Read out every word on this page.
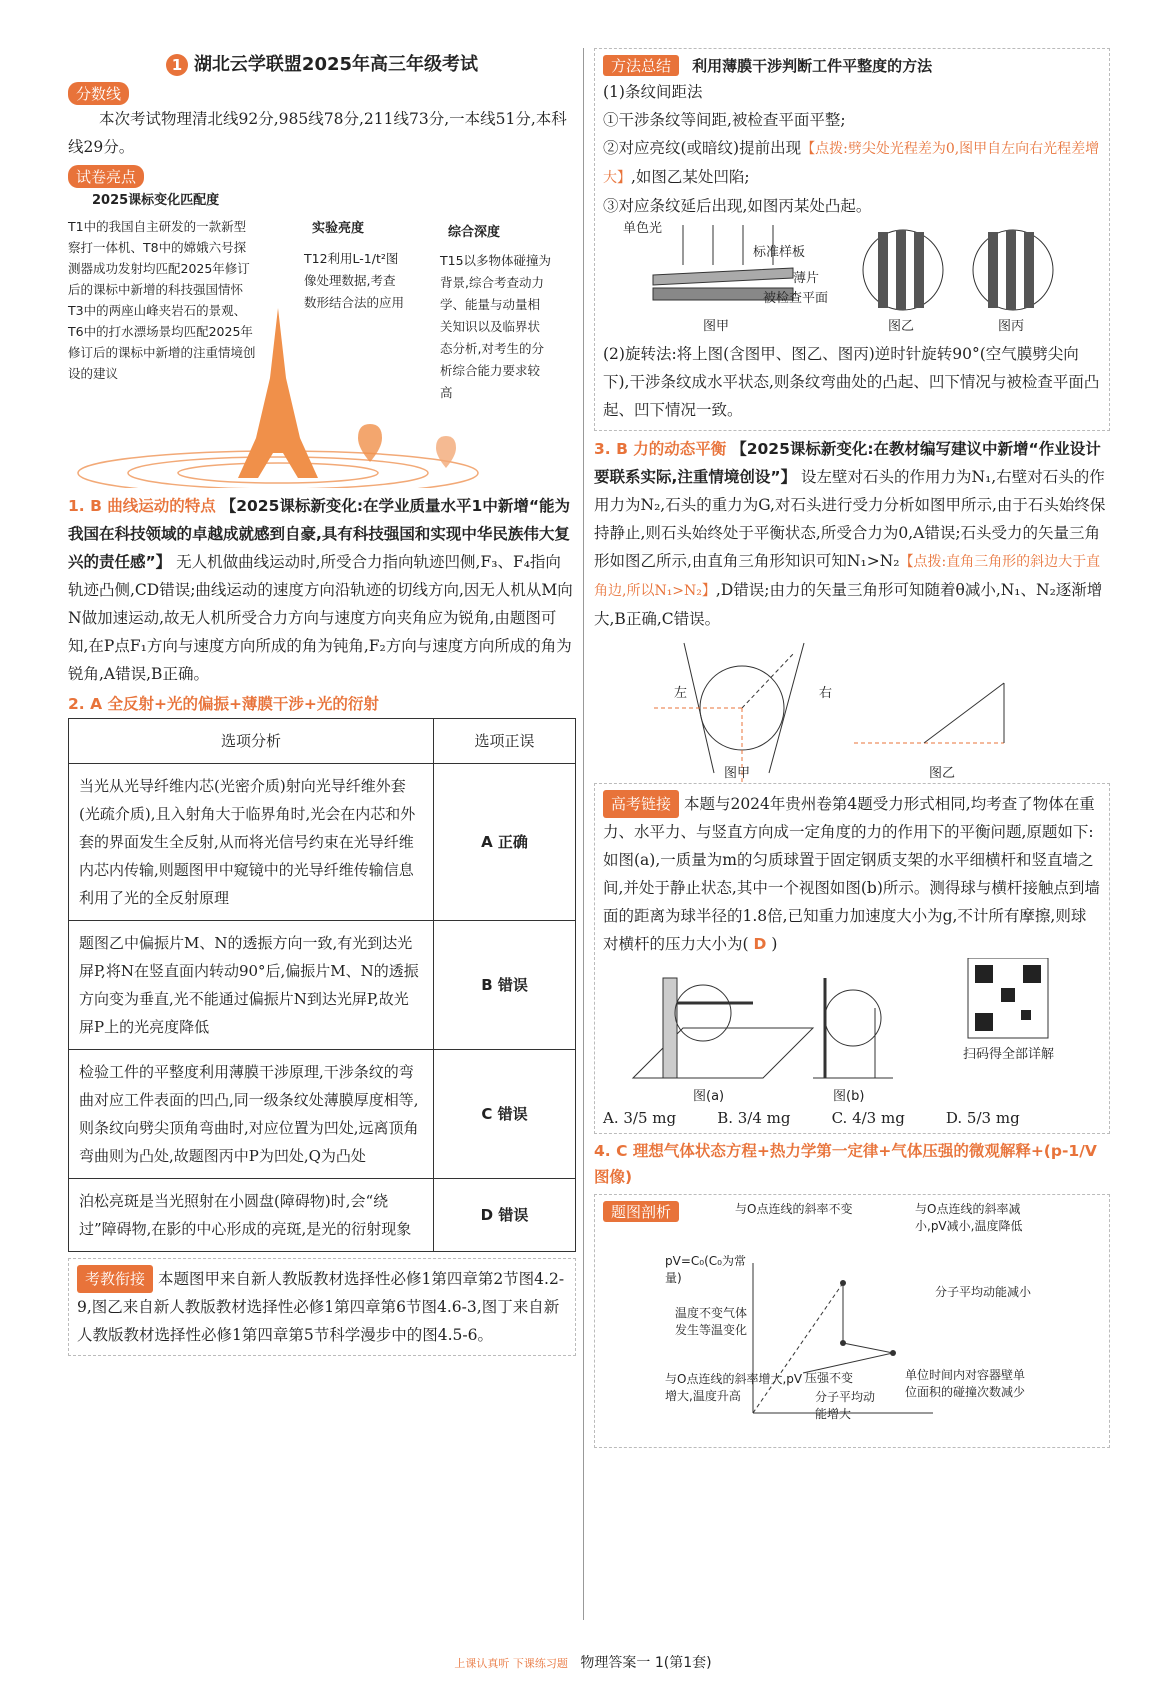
1 湖北云学联盟2025年高三年级考试
分数线

本次考试物理清北线92分,985线78分,211线73分,一本线51分,本科线29分。

试卷亮点
2025课标变化匹配度
T1中的我国自主研发的一款新型察打一体机、T8中的嫦娥六号探测器成功发射均匹配2025年修订后的课标中新增的科技强国情怀
T3中的两座山峰夹岩石的景观、T6中的打水漂场景均匹配2025年修订后的课标中新增的注重情境创设的建议
实验亮度
T12利用L-1/t²图像处理数据,考查数形结合法的应用
综合深度
T15以多物体碰撞为背景,综合考查动力学、能量与动量相关知识以及临界状态分析,对考生的分析综合能力要求较高
1. B 曲线运动的特点 【2025课标新变化:在学业质量水平1中新增“能为我国在科技领域的卓越成就感到自豪,具有科技强国和实现中华民族伟大复兴的责任感”】 无人机做曲线运动时,所受合力指向轨迹凹侧,F₃、F₄指向轨迹凸侧,CD错误;曲线运动的速度方向沿轨迹的切线方向,因无人机从M向N做加速运动,故无人机所受合力方向与速度方向夹角应为锐角,由题图可知,在P点F₁方向与速度方向所成的角为钝角,F₂方向与速度方向所成的角为锐角,A错误,B正确。
2. A 全反射+光的偏振+薄膜干涉+光的衍射
选项分析	选项正误
当光从光导纤维内芯(光密介质)射向光导纤维外套(光疏介质),且入射角大于临界角时,光会在内芯和外套的界面发生全反射,从而将光信号约束在光导纤维内芯内传输,则题图甲中窥镜中的光导纤维传输信息利用了光的全反射原理	A 正确
题图乙中偏振片M、N的透振方向一致,有光到达光屏P,将N在竖直面内转动90°后,偏振片M、N的透振方向变为垂直,光不能通过偏振片N到达光屏P,故光屏P上的光亮度降低	B 错误
检验工件的平整度利用薄膜干涉原理,干涉条纹的弯曲对应工件表面的凹凸,同一级条纹处薄膜厚度相等,则条纹向劈尖顶角弯曲时,对应位置为凹处,远离顶角弯曲则为凸处,故题图丙中P为凹处,Q为凸处	C 错误
泊松亮斑是当光照射在小圆盘(障碍物)时,会“绕过”障碍物,在影的中心形成的亮斑,是光的衍射现象	D 错误
考教衔接 本题图甲来自新人教版教材选择性必修1第四章第2节图4.2-9,图乙来自新人教版教材选择性必修1第四章第6节图4.6-3,图丁来自新人教版教材选择性必修1第四章第5节科学漫步中的图4.5-6。
方法总结 利用薄膜干涉判断工件平整度的方法

(1)条纹间距法

①干涉条纹等间距,被检查平面平整;

②对应亮纹(或暗纹)提前出现【点拨:劈尖处光程差为0,图甲自左向右光程差增大】,如图乙某处凹陷;

③对应条纹延后出现,如图丙某处凸起。

单色光
标准样板
薄片
被检查平面
图甲	图乙	图丙

(2)旋转法:将上图(含图甲、图乙、图丙)逆时针旋转90°(空气膜劈尖向下),干涉条纹成水平状态,则条纹弯曲处的凸起、凹下情况与被检查平面凸起、凹下情况一致。

3. B 力的动态平衡 【2025课标新变化:在教材编写建议中新增“作业设计要联系实际,注重情境创设”】 设左壁对石头的作用力为N₁,右壁对石头的作用力为N₂,石头的重力为G,对石头进行受力分析如图甲所示,由于石头始终保持静止,则石头始终处于平衡状态,所受合力为0,A错误;石头受力的矢量三角形如图乙所示,由直角三角形知识可知N₁>N₂【点拨:直角三角形的斜边大于直角边,所以N₁>N₂】,D错误;由力的矢量三角形可知随着θ减小,N₁、N₂逐渐增大,B正确,C错误。
左	右
图甲	图乙
高考链接 本题与2024年贵州卷第4题受力形式相同,均考查了物体在重力、水平力、与竖直方向成一定角度的力的作用下的平衡问题,原题如下:

如图(a),一质量为m的匀质球置于固定钢质支架的水平细横杆和竖直墙之间,并处于静止状态,其中一个视图如图(b)所示。测得球与横杆接触点到墙面的距离为球半径的1.8倍,已知重力加速度大小为g,不计所有摩擦,则球对横杆的压力大小为( D )

扫码得全部详解
图(a)	图(b)
A. 3/5 mg	B. 3/4 mg	C. 4/3 mg	D. 5/3 mg
4. C 理想气体状态方程+热力学第一定律+气体压强的微观解释+(p-1/V图像)
题图剖析	与O点连线的斜率不变
pV=C₀(C₀为常量)
温度不变气体发生等温变化
与O点连线的斜率减小,pV减小,温度降低
分子平均动能减小
压强不变
分子平均动能增大
单位时间内对容器壁单位面积的碰撞次数减少
与O点连线的斜率增大,pV增大,温度升高
上课认真听 下课练习题 物理答案一 1(第1套)
